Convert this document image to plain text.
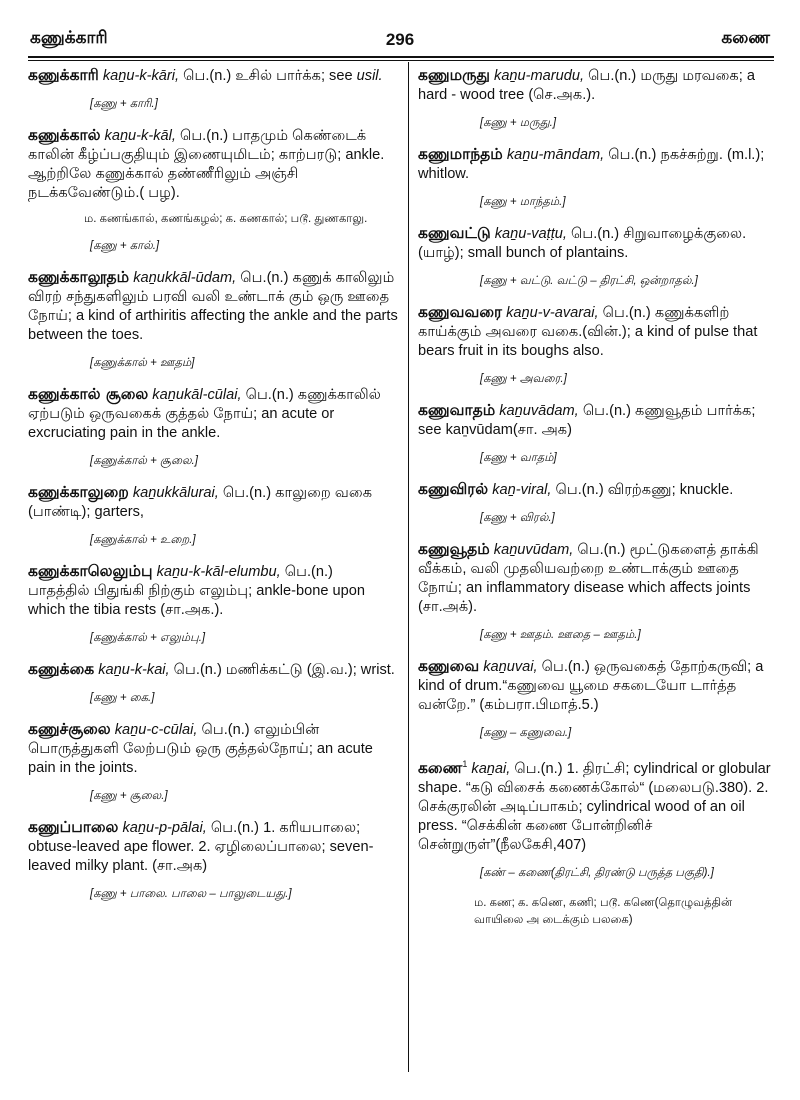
கணுக்காரி	296	கணை
கணுக்காரி kaṉu-k-kāri, பெ.(n.) உசில் பார்க்க; see usil.
[கணு + காரி.]
கணுக்கால் kaṉu-k-kāl, பெ.(n.) பாதமும் கெண்டைக் காலின் கீழ்ப்பகுதியும் இணையுமிடம்; காற்பரடு; ankle. ஆற்றிலே கணுக்கால் தண்ணீரிலும் அஞ்சி நடக்கவேண்டும்.( பழ).
ம. கணங்கால், கணங்கழல்; க. கணகால்; படூ. துணகாலு.
[கணு + கால்.]
கணுக்காலூதம் kaṉukkāl-ūdam, பெ.(n.) கணுக் காலிலும் விரற் சந்துகளிலும் பரவி வலி உண்டாக் கும் ஒரு ஊதை நோய்; a kind of arthiritis affecting the ankle and the parts between the toes.
[கணுக்கால் + ஊதம்]
கணுக்கால் சூலை kaṉukāl-cūlai, பெ.(n.) கணுக்காலில் ஏற்படும் ஒருவகைக் குத்தல் நோய்; an acute or excruciating pain in the ankle.
[கணுக்கால் + சூலை.]
கணுக்காலுறை kaṉukkālurai, பெ.(n.) காலுறை வகை (பாண்டி); garters,
[கணுக்கால் + உறை.]
கணுக்காலெலும்பு kaṉu-k-kāl-elumbu, பெ.(n.) பாதத்தில் பிதுங்கி நிற்கும் எலும்பு; ankle-bone upon which the tibia rests (சா.அக.).
[கணுக்கால் + எலும்பு.]
கணுக்கை kaṉu-k-kai, பெ.(n.) மணிக்கட்டு (இ.வ.); wrist.
[கணு + கை.]
கணுச்சூலை kaṉu-c-cūlai, பெ.(n.) எலும்பின் பொருத்துகளி லேற்படும் ஒரு குத்தல்நோய்; an acute pain in the joints.
[கணு + சூலை.]
கணுப்பாலை kaṉu-p-pālai, பெ.(n.) 1. கரியபாலை; obtuse-leaved ape flower. 2. ஏழிலைப்பாலை; seven-leaved milky plant. (சா.அக)
[கணு + பாலை. பாலை – பாலுடையது.]
கணுமருது kaṉu-marudu, பெ.(n.) மருது மரவகை; a hard - wood tree (செ.அக.).
[கணு + மருது.]
கணுமாந்தம் kaṉu-māndam, பெ.(n.) நகச்சுற்று. (m.l.); whitlow.
[கணு + மாந்தம்.]
கணுவட்டு kaṉu-vaṭṭu, பெ.(n.) சிறுவாழைக்குலை. (யாழ்); small bunch of plantains.
[கணு + வட்டு. வட்டு – திரட்சி, ஒன்றாதல்.]
கணுவவரை kaṉu-v-avarai, பெ.(n.) கணுக்களிற் காய்க்கும் அவரை வகை.(வின்.); a kind of pulse that bears fruit in its boughs also.
[கணு + அவரை.]
கணுவாதம் kaṉuvādam, பெ.(n.) கணுவூதம் பார்க்க; see kaṉvūdam(சா. அக)
[கணு + வாதம்]
கணுவிரல் kaṉ-viral, பெ.(n.) விரற்கணு; knuckle.
[கணு + விரல்.]
கணுவூதம் kaṉuvūdam, பெ.(n.) மூட்டுகளைத் தாக்கி வீக்கம், வலி முதலியவற்றை உண்டாக்கும் ஊதை நோய்; an inflammatory disease which affects joints (சா.அக்).
[கணு + ஊதம். ஊதை – ஊதம்.]
கணுவை kaṉuvai, பெ.(n.) ஒருவகைத் தோற்கருவி; a kind of drum.“கணுவை யூமை சகடையோ டார்த்த வன்றே.” (கம்பரா.பிமாத்.5.)
[கணு – கணுவை.]
கணை$^1$ kaṉai, பெ.(n.) 1. திரட்சி; cylindrical or globular shape. “கடு விசைக் கணைக்கோல்“ (மலைபடு.380). 2. செக்குரலின் அடிப்பாகம்; cylindrical wood of an oil press. “செக்கின் கணை போன்றினிச் சென்றுருள்”(நீலகேசி,407)
[கண் – கணை(திரட்சி, திரண்டு பருத்த பகுதி).]
ம. கண; க. கணெ, கணி; படூ. கணெ(தொழுவத்தின் வாயிலை அ டைக்கும் பலகை)
